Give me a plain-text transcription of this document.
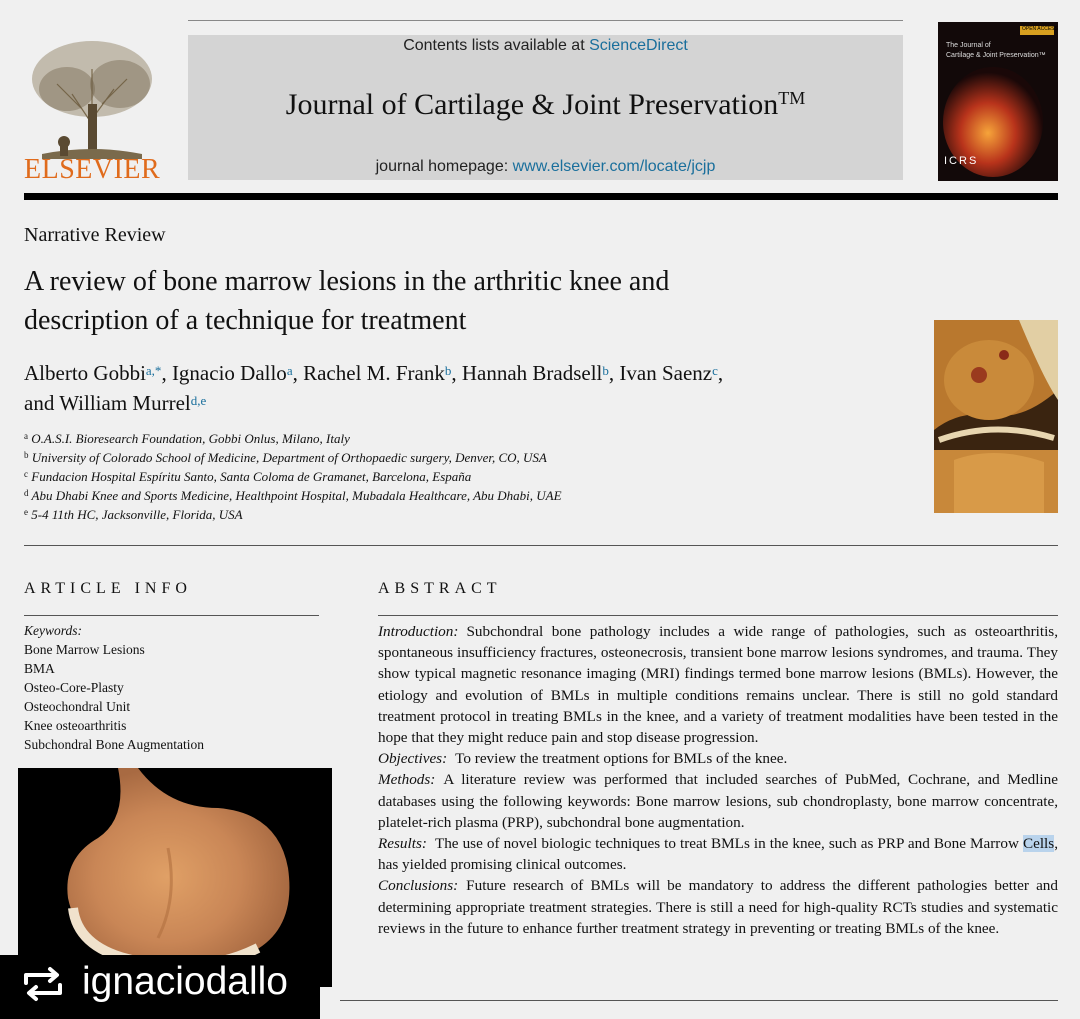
ELSEVIER
Contents lists available at ScienceDirect
Journal of Cartilage & Joint Preservation™
journal homepage: www.elsevier.com/locate/jcjp
OPEN ACCESS
The Journal of
Cartilage & Joint Preservation™
ICRS
Narrative Review
A review of bone marrow lesions in the arthritic knee and
description of a technique for treatment
Alberto Gobbi$^{a,*}$, Ignacio Dallo$^a$, Rachel M. Frank$^b$, Hannah Bradsell$^b$, Ivan Saenz$^c$,
and William Murrel$^{d,e}$
$^a$ O.A.S.I. Bioresearch Foundation, Gobbi Onlus, Milano, Italy
$^b$ University of Colorado School of Medicine, Department of Orthopaedic surgery, Denver, CO, USA
$^c$ Fundacion Hospital Espíritu Santo, Santa Coloma de Gramanet, Barcelona, España
$^d$ Abu Dhabi Knee and Sports Medicine, Healthpoint Hospital, Mubadala Healthcare, Abu Dhabi, UAE
$^e$ 5-4 11th HC, Jacksonville, Florida, USA
ARTICLE INFO
Keywords:
Bone Marrow Lesions
BMA
Osteo-Core-Plasty
Osteochondral Unit
Knee osteoarthritis
Subchondral Bone Augmentation
ABSTRACT

Introduction: Subchondral bone pathology includes a wide range of pathologies, such as osteoarthritis, spontaneous insufficiency fractures, osteonecrosis, transient bone marrow lesions syndromes, and trauma. They show typical magnetic resonance imaging (MRI) findings termed bone marrow lesions (BMLs). However, the etiology and evolution of BMLs in multiple conditions remains unclear. There is still no gold standard treatment protocol in treating BMLs in the knee, and a variety of treatment modalities have been tested in the hope that they might reduce pain and stop disease progression.

Objectives: To review the treatment options for BMLs of the knee.

Methods: A literature review was performed that included searches of PubMed, Cochrane, and Medline databases using the following keywords: Bone marrow lesions, sub chondroplasty, bone marrow concentrate, platelet-rich plasma (PRP), subchondral bone augmentation.

Results: The use of novel biologic techniques to treat BMLs in the knee, such as PRP and Bone Marrow Cells, has yielded promising clinical outcomes.

Conclusions: Future research of BMLs will be mandatory to address the different pathologies better and determining appropriate treatment strategies. There is still a need for high-quality RCTs studies and systematic reviews in the future to enhance further treatment strategy in preventing or treating BMLs of the knee.

ignaciodallo
